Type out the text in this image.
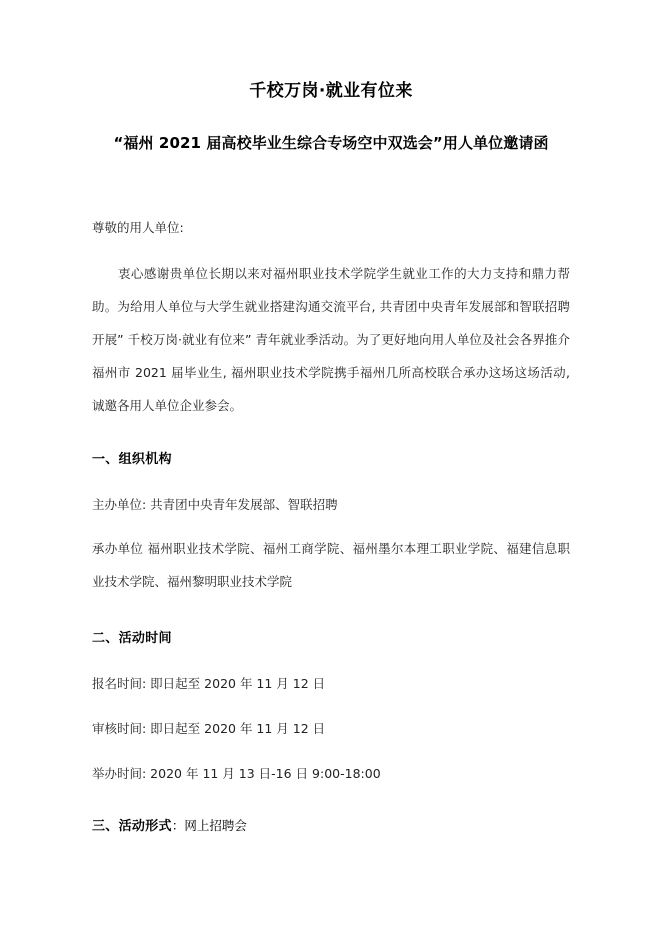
千校万岗·就业有位来
“福州 2021 届高校毕业生综合专场空中双选会”用人单位邀请函

尊敬的用人单位:

衷心感谢贵单位长期以来对福州职业技术学院学生就业工作的大力支持和鼎力帮助。为给用人单位与大学生就业搭建沟通交流平台, 共青团中央青年发展部和智联招聘开展” 千校万岗·就业有位来” 青年就业季活动。为了更好地向用人单位及社会各界推介福州市 2021 届毕业生, 福州职业技术学院携手福州几所高校联合承办这场这场活动, 诚邀各用人单位企业参会。

一、组织机构

主办单位: 共青团中央青年发展部、智联招聘

承办单位 福州职业技术学院、福州工商学院、福州墨尔本理工职业学院、福建信息职业技术学院、福州黎明职业技术学院

二、活动时间

报名时间: 即日起至 2020 年 11 月 12 日

审核时间: 即日起至 2020 年 11 月 12 日

举办时间: 2020 年 11 月 13 日-16 日 9:00-18:00

三、活动形式：网上招聘会
